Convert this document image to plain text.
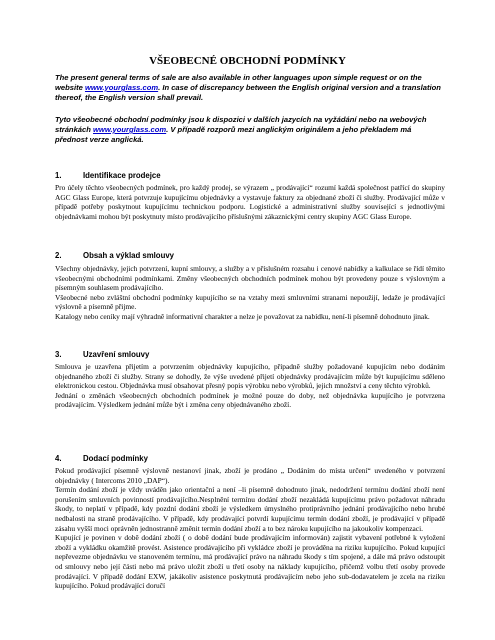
VŠEOBECNÉ OBCHODNÍ PODMÍNKY

The present general terms of sale are also available in other languages upon simple request or on the website www.yourglass.com. In case of discrepancy between the English original version and a translation thereof, the English version shall prevail.

Tyto všeobecné obchodní podmínky jsou k dispozici v dalších jazycích na vyžádání nebo na webových stránkách www.yourglass.com. V případě rozporů mezi anglickým originálem a jeho překladem má přednost verze anglická.

1.	Identifikace prodejce

Pro účely těchto všeobecných podmínek, pro každý prodej, se výrazem „ prodávající“ rozumí každá společnost patřící do skupiny AGC Glass Europe, která potvrzuje kupujícímu objednávky a vystavuje faktury za objednané zboží či služby. Prodávající může v případě potřeby poskytnout kupujícímu technickou podporu. Logistické a administrativní služby související s jednotlivými objednávkami mohou být poskytnuty místo prodávajícího příslušnými zákaznickými centry skupiny AGC Glass Europe.

2.	Obsah a výklad smlouvy

Všechny objednávky, jejich potvrzení, kupní smlouvy, a služby a v příslušném rozsahu i cenové nabídky a kalkulace se řídí těmito všeobecnými obchodními podmínkami. Změny všeobecných obchodních podmínek mohou být provedeny pouze s výslovným a písemným souhlasem prodávajícího.

Všeobecné nebo zvláštní obchodní podmínky kupujícího se na vztahy mezi smluvními stranami nepoužijí, ledaže je prodávající výslovně a písemně přijme.

Katalogy nebo ceníky mají výhradně informativní charakter a nelze je považovat za nabídku, není-li písemně dohodnuto jinak.

3.	Uzavření smlouvy

Smlouva je uzavřena přijetím a potvrzením objednávky kupujícího, případně služby požadované kupujícím nebo dodáním objednaného zboží či služby. Strany se dohodly, že výše uvedené přijetí objednávky prodávajícím může být kupujícímu sděleno elektronickou cestou. Objednávka musí obsahovat přesný popis výrobku nebo výrobků, jejich množství a ceny těchto výrobků.

Jednání o změnách všeobecných obchodních podmínek je možné pouze do doby, než objednávka kupujícího je potvrzena prodávajícím. Výsledkem jednání může být i změna ceny objednávaného zboží.

4.	Dodací podmínky

Pokud prodávající písemně výslovně nestanoví jinak, zboží je prodáno „ Dodáním do místa určení“ uvedeného v potvrzení objednávky ( Intercoms 2010 „DAP“).

Termín dodání zboží je vždy uváděn jako orientační a není –li písemně dohodnuto jinak, nedodržení termínu dodání zboží není porušením smluvních povinností prodávajícího.Nesplnění termínu dodání zboží nezakládá kupujícímu právo požadovat náhradu škody, to neplatí v případě, kdy pozdní dodání zboží je výsledkem úmyslného protiprávního jednání prodávajícího nebo hrubé nedbalosti na straně prodávajícího. V případě, kdy prodávající potvrdí kupujícímu termín dodání zboží, je prodávající v případě zásahu vyšší moci oprávněn jednostranně změnit termín dodání zboží a to bez nároku kupujícího na jakoukoliv kompenzaci.

Kupující je povinen v době dodání zboží ( o době dodání bude prodávajícím informován) zajistit vybavení potřebné k vyložení zboží a vykládku okamžitě provést. Asistence prodávajícího při vykládce zboží je prováděna na riziku kupujícího. Pokud kupující nepřevezme objednávku ve stanoveném termínu, má prodávající právo na náhradu škody s tím spojené, a dále má právo odstoupit od smlouvy nebo její části nebo má právo uložit zboží u třetí osoby na náklady kupujícího, přičemž volbu třetí osoby provede prodávající. V případě dodání EXW, jakákoliv asistence poskytnutá prodávajícím nebo jeho sub-dodavatelem je zcela na riziku kupujícího. Pokud prodávající doručí
